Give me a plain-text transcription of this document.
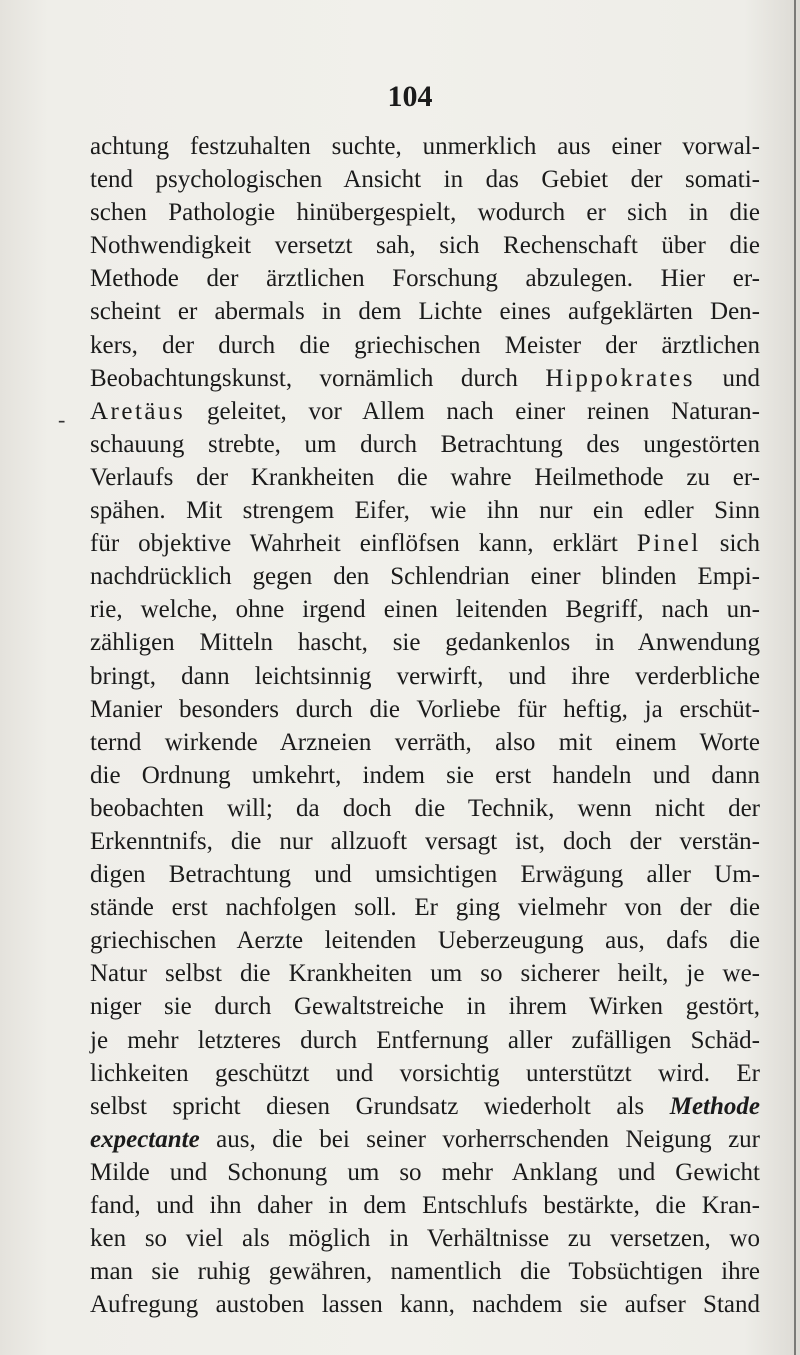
104
-
achtung festzuhalten suchte, unmerklich aus einer vorwal-
tend psychologischen Ansicht in das Gebiet der somati-
schen Pathologie hinübergespielt, wodurch er sich in die
Nothwendigkeit versetzt sah, sich Rechenschaft über die
Methode der ärztlichen Forschung abzulegen. Hier er-
scheint er abermals in dem Lichte eines aufgeklärten Den-
kers, der durch die griechischen Meister der ärztlichen
Beobachtungskunst, vornämlich durch Hippokrates und
Aretäus geleitet, vor Allem nach einer reinen Naturan-
schauung strebte, um durch Betrachtung des ungestörten
Verlaufs der Krankheiten die wahre Heilmethode zu er-
spähen. Mit strengem Eifer, wie ihn nur ein edler Sinn
für objektive Wahrheit einflöfsen kann, erklärt Pinel sich
nachdrücklich gegen den Schlendrian einer blinden Empi-
rie, welche, ohne irgend einen leitenden Begriff, nach un-
zähligen Mitteln hascht, sie gedankenlos in Anwendung
bringt, dann leichtsinnig verwirft, und ihre verderbliche
Manier besonders durch die Vorliebe für heftig, ja erschüt-
ternd wirkende Arzneien verräth, also mit einem Worte
die Ordnung umkehrt, indem sie erst handeln und dann
beobachten will; da doch die Technik, wenn nicht der
Erkenntnifs, die nur allzuoft versagt ist, doch der verstän-
digen Betrachtung und umsichtigen Erwägung aller Um-
stände erst nachfolgen soll. Er ging vielmehr von der die
griechischen Aerzte leitenden Ueberzeugung aus, dafs die
Natur selbst die Krankheiten um so sicherer heilt, je we-
niger sie durch Gewaltstreiche in ihrem Wirken gestört,
je mehr letzteres durch Entfernung aller zufälligen Schäd-
lichkeiten geschützt und vorsichtig unterstützt wird. Er
selbst spricht diesen Grundsatz wiederholt als Methode
expectante aus, die bei seiner vorherrschenden Neigung zur
Milde und Schonung um so mehr Anklang und Gewicht
fand, und ihn daher in dem Entschlufs bestärkte, die Kran-
ken so viel als möglich in Verhältnisse zu versetzen, wo
man sie ruhig gewähren, namentlich die Tobsüchtigen ihre
Aufregung austoben lassen kann, nachdem sie aufser Stand
